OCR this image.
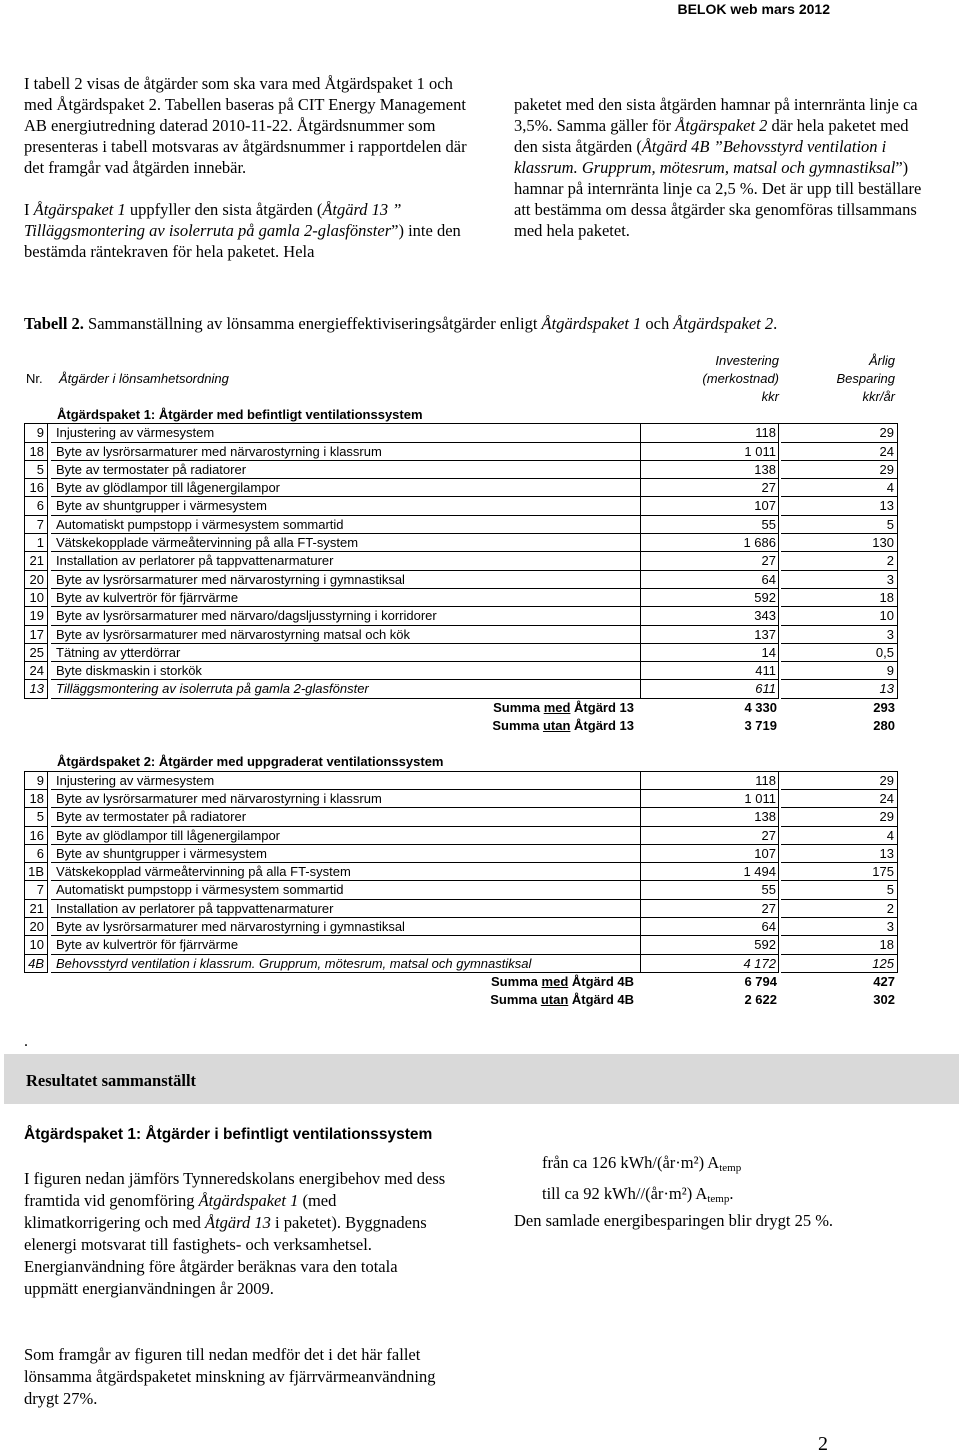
BELOK web mars 2012

I tabell 2 visas de åtgärder som ska vara med Åtgärdspaket 1 och med Åtgärdspaket 2. Tabellen baseras på CIT Energy Management AB energiutredning daterad 2010-11-22. Åtgärdsnummer som presenteras i tabell motsvaras av åtgärdsnummer i rapportdelen där det framgår vad åtgärden innebär.

I Åtgärspaket 1 uppfyller den sista åtgärden (Åtgärd 13 ” Tilläggsmontering av isolerruta på gamla 2-glasfönster”) inte den bestämda räntekraven för hela paketet. Hela

paketet med den sista åtgärden hamnar på internränta linje ca 3,5%. Samma gäller för Åtgärspaket 2 där hela paketet med den sista åtgärden (Åtgärd 4B ”Behovsstyrd ventilation i klassrum. Grupprum, mötesrum, matsal och gymnastiksal”) hamnar på internränta linje ca 2,5 %. Det är upp till beställare att bestämma om dessa åtgärder ska genomföras tillsammans med hela paketet.

Tabell 2. Sammanställning av lönsamma energieffektiviseringsåtgärder enligt Åtgärdspaket 1 och Åtgärdspaket 2.
Nr. Åtgärder i lönsamhetsordning
Investering
(merkostnad)
kkr
Årlig
Besparing
kkr/år
Åtgärdspaket 1: Åtgärder med befintligt ventilationssystem
9 Injustering av värmesystem	118	29
18 Byte av lysrörsarmaturer med närvarostyrning i klassrum	1 011	24
5 Byte av termostater på radiatorer	138	29
16 Byte av glödlampor till lågenergilampor	27	4
6 Byte av shuntgrupper i värmesystem	107	13
7 Automatiskt pumpstopp i värmesystem sommartid	55	5
1 Vätskekopplade värmeåtervinning på alla FT-system	1 686	130
21 Installation av perlatorer på tappvattenarmaturer	27	2
20 Byte av lysrörsarmaturer med närvarostyrning i gymnastiksal	64	3
10 Byte av kulvertrör för fjärrvärme	592	18
19 Byte av lysrörsarmaturer med närvaro/dagsljusstyrning i korridorer	343	10
17 Byte av lysrörsarmaturer med närvarostyrning matsal och kök	137	3
25 Tätning av ytterdörrar	14	0,5
24 Byte diskmaskin i storkök	411	9
13 Tilläggsmontering av isolerruta på gamla 2-glasfönster	611	13
Summa med Åtgärd 13	4 330	293
Summa utan Åtgärd 13	3 719	280
Åtgärdspaket 2: Åtgärder med uppgraderat ventilationssystem
9 Injustering av värmesystem	118	29
18 Byte av lysrörsarmaturer med närvarostyrning i klassrum	1 011	24
5 Byte av termostater på radiatorer	138	29
16 Byte av glödlampor till lågenergilampor	27	4
6 Byte av shuntgrupper i värmesystem	107	13
1B Vätskekopplad värmeåtervinning på alla FT-system	1 494	175
7 Automatiskt pumpstopp i värmesystem sommartid	55	5
21 Installation av perlatorer på tappvattenarmaturer	27	2
20 Byte av lysrörsarmaturer med närvarostyrning i gymnastiksal	64	3
10 Byte av kulvertrör för fjärrvärme	592	18
4B Behovsstyrd ventilation i klassrum. Grupprum, mötesrum, matsal och gymnastiksal	4 172	125
Summa med Åtgärd 4B	6 794	427
Summa utan Åtgärd 4B	2 622	302
.
Resultatet sammanställt
Åtgärdspaket 1: Åtgärder i befintligt ventilationssystem
I figuren nedan jämförs Tynneredskolans energibehov med dess framtida vid genomföring Åtgärdspaket 1 (med klimatkorrigering och med Åtgärd 13 i paketet). Byggnadens elenergi motsvarat till fastighets- och verksamhetsel. Energianvändning före åtgärder beräknas vara den totala uppmätt energianvändningen år 2009.
Som framgår av figuren till nedan medför det i det här fallet lönsamma åtgärdspaketet minskning av fjärrvärmeanvändning drygt 27%.
från ca 126 kWh/(år·m²) $A_{temp}$
till ca 92 kWh//(år·m²) $A_{temp}$.
Den samlade energibesparingen blir drygt 25 %.
2
